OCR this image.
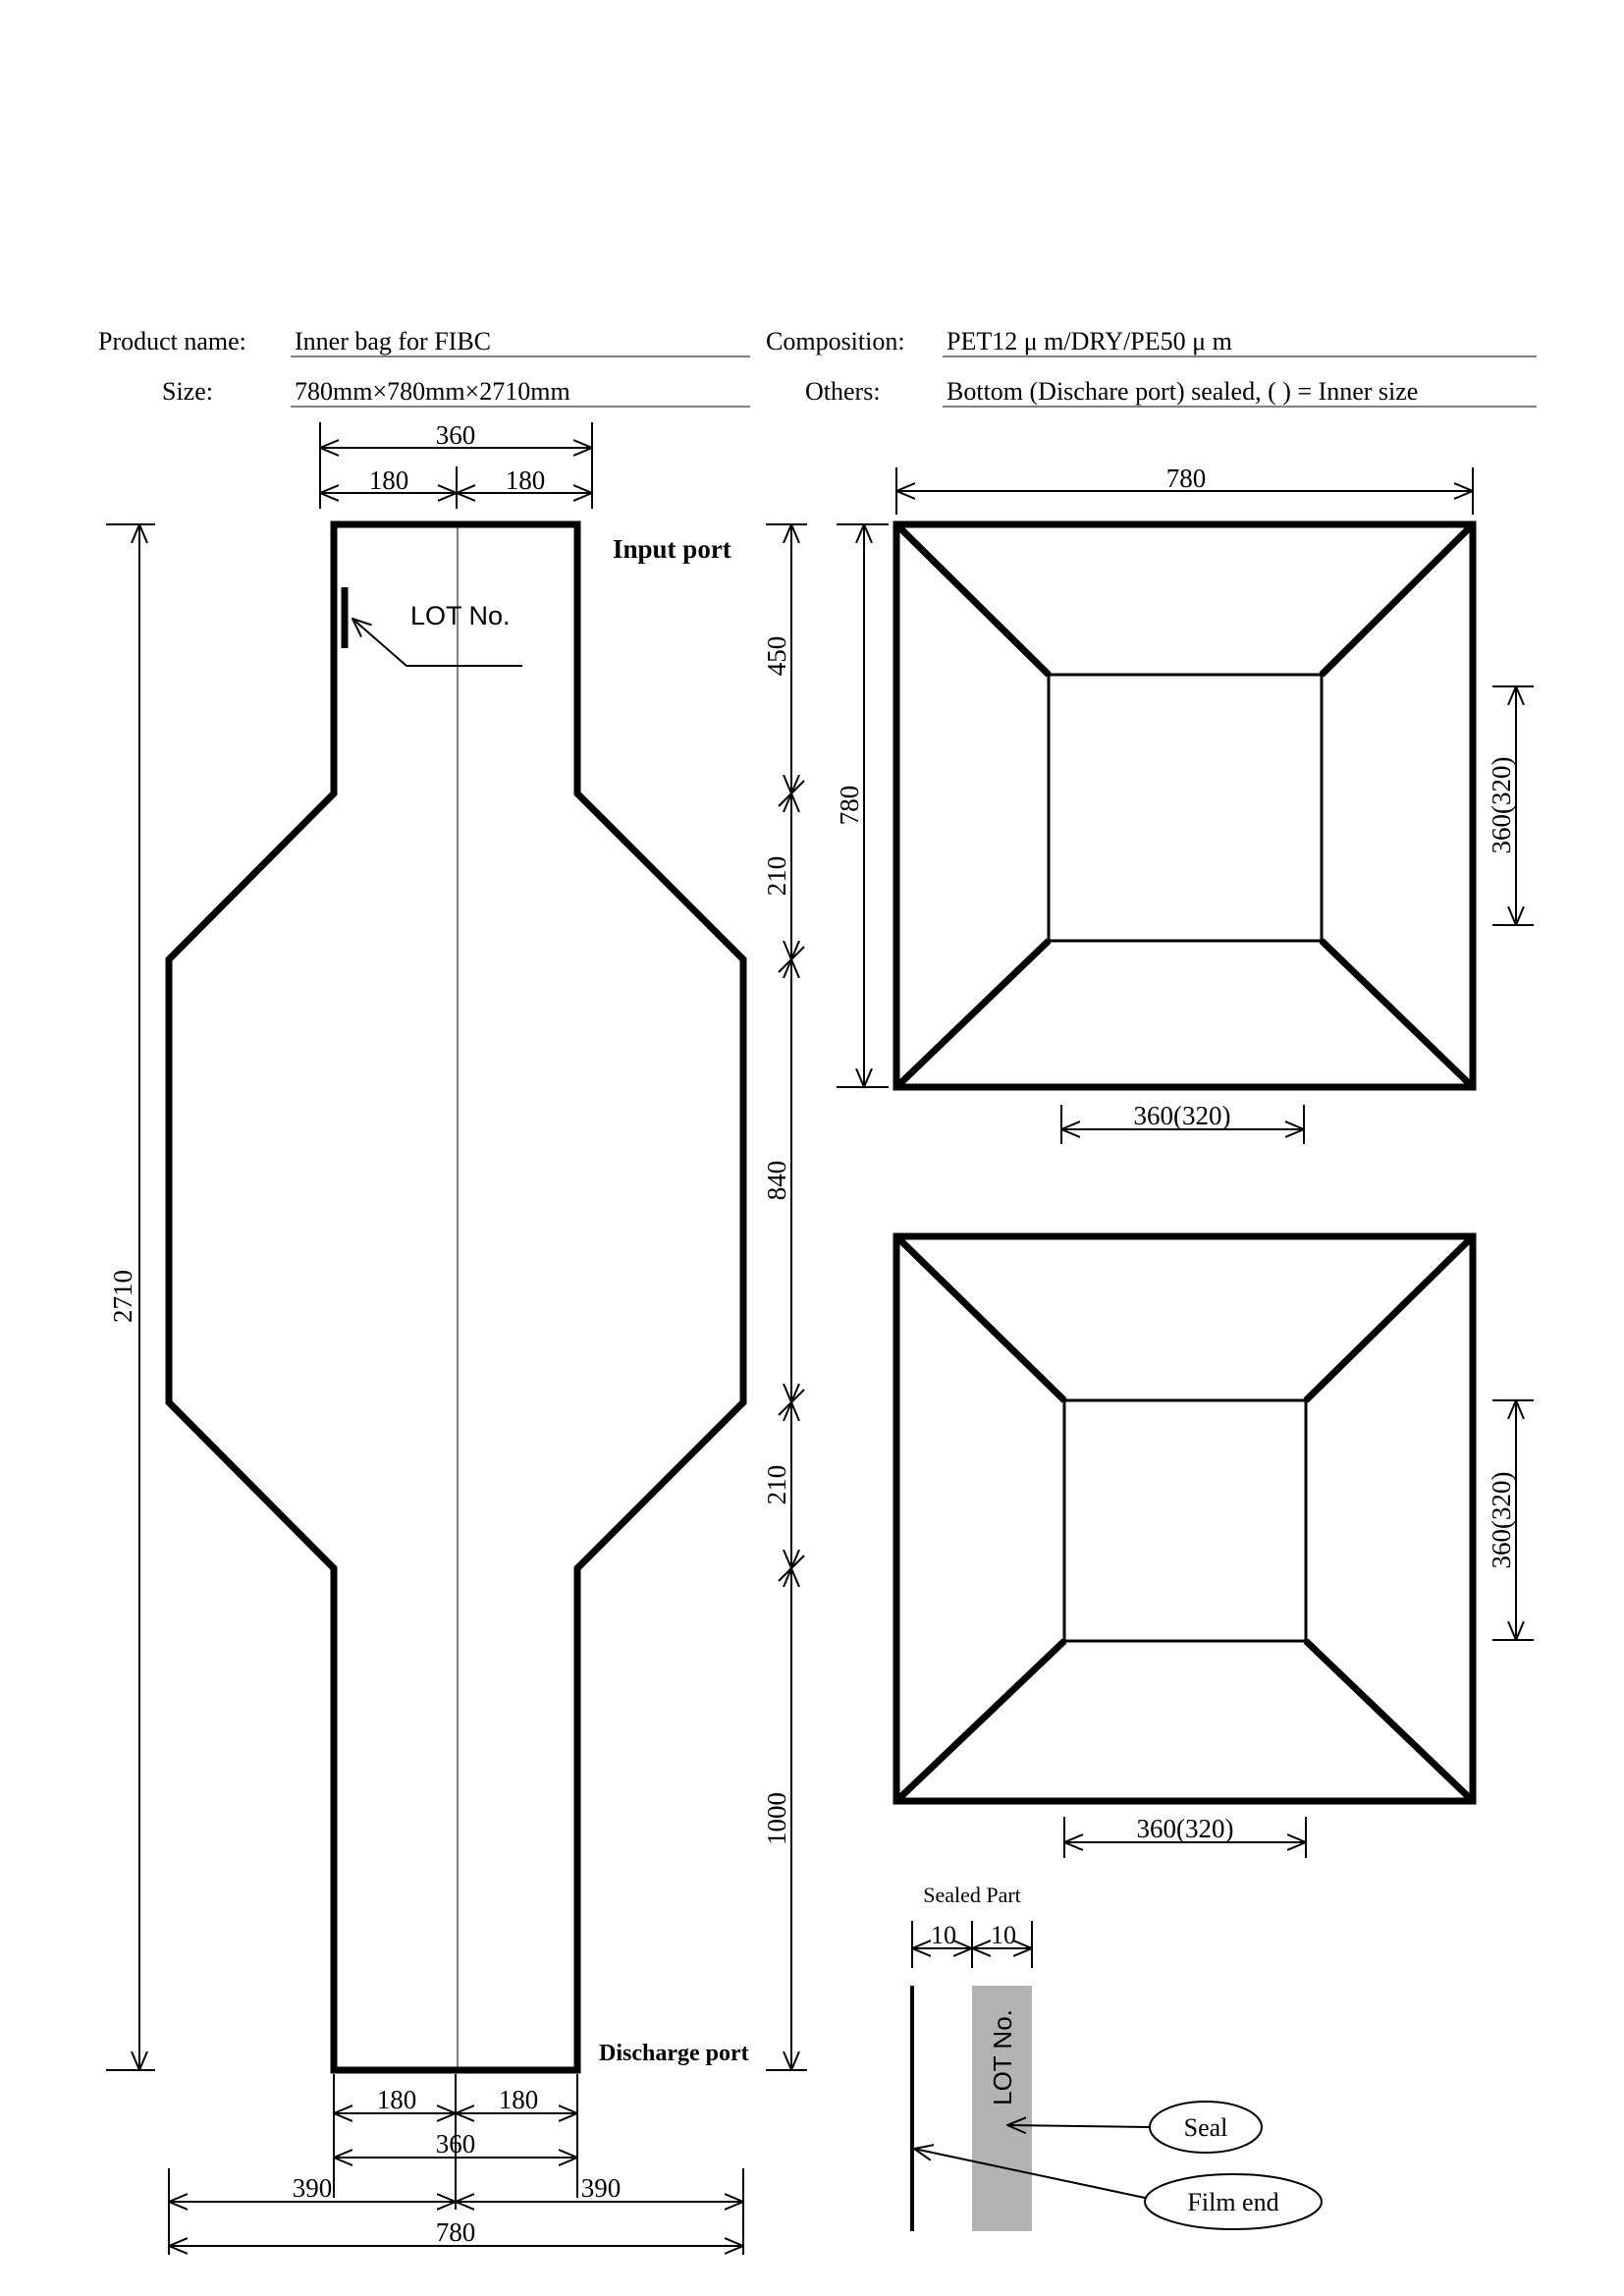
Product name: Inner bag for FIBC	Composition: PET12 μ m/DRY/PE50 μ m
Size:	780mm×780mm×2710mm	Others:	Bottom (Dischare port) sealed, ( ) = Inner size
Input port
Discharge port
LOT No.
360
180	180
2710
450
210
840
210
1000
180	180
360
390	390
780
780
780	360(320)
360(320)
360(320)
360(320)
Sealed Part
10 10
LOT No.
Seal
Film end
